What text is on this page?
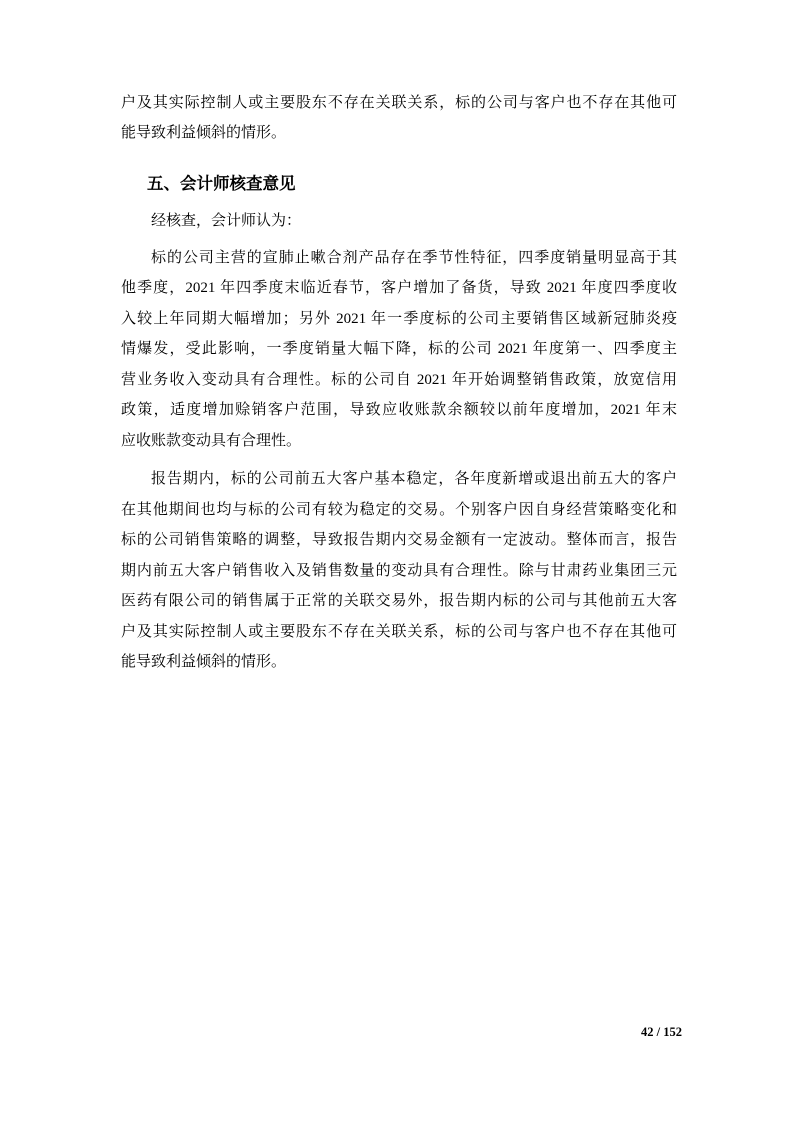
户及其实际控制人或主要股东不存在关联关系，标的公司与客户也不存在其他可

能导致利益倾斜的情形。

五、会计师核查意见

经核查，会计师认为：

标的公司主营的宣肺止嗽合剂产品存在季节性特征，四季度销量明显高于其

他季度，2021 年四季度末临近春节，客户增加了备货，导致 2021 年度四季度收

入较上年同期大幅增加；另外 2021 年一季度标的公司主要销售区域新冠肺炎疫

情爆发，受此影响，一季度销量大幅下降，标的公司 2021 年度第一、四季度主

营业务收入变动具有合理性。标的公司自 2021 年开始调整销售政策，放宽信用

政策，适度增加赊销客户范围，导致应收账款余额较以前年度增加，2021 年末

应收账款变动具有合理性。

报告期内，标的公司前五大客户基本稳定，各年度新增或退出前五大的客户

在其他期间也均与标的公司有较为稳定的交易。个别客户因自身经营策略变化和

标的公司销售策略的调整，导致报告期内交易金额有一定波动。整体而言，报告

期内前五大客户销售收入及销售数量的变动具有合理性。除与甘肃药业集团三元

医药有限公司的销售属于正常的关联交易外，报告期内标的公司与其他前五大客

户及其实际控制人或主要股东不存在关联关系，标的公司与客户也不存在其他可

能导致利益倾斜的情形。

42 / 152
